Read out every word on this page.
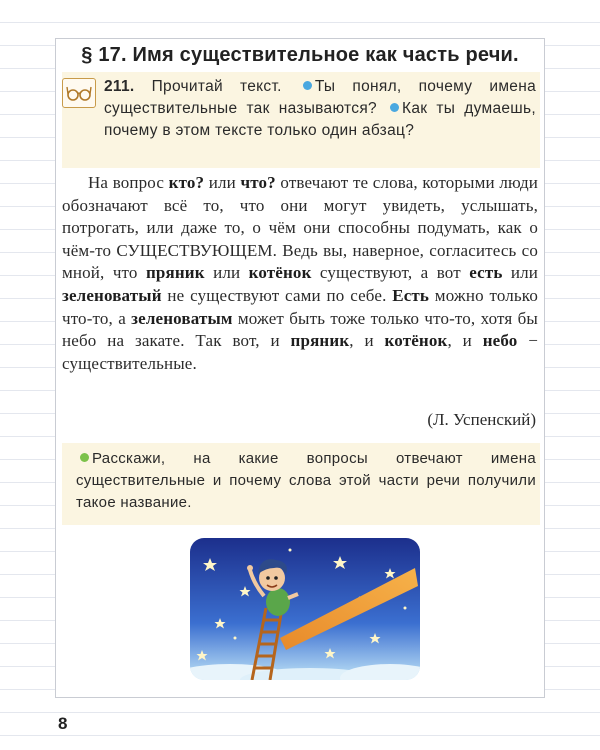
§ 17. Имя существительное как часть речи.
211. Прочитай текст. Ты понял, почему имена существительные так называются? Как ты думаешь, почему в этом тексте только один абзац?

На вопрос кто? или что? отвечают те слова, которыми люди обозначают всё то, что они могут увидеть, услышать, потрогать, или даже то, о чём они способны подумать, как о чём-то СУЩЕСТВУЮЩЕМ. Ведь вы, наверное, согласитесь со мной, что пряник или котёнок существуют, а вот есть или зеленоватый не существуют сами по себе. Есть можно только что-то, а зеленоватым может быть тоже только что-то, хотя бы небо на закате. Так вот, и пряник, и котёнок, и небо − существительные.

(Л. Успенский)
Расскажи, на какие вопросы отвечают имена существительные и почему слова этой части речи получили такое название.
8
